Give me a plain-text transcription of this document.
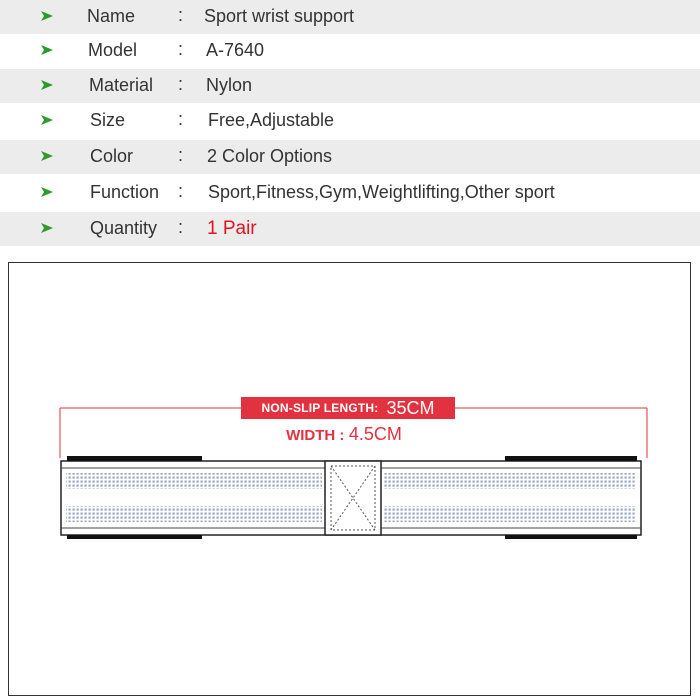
Name : Sport wrist support
Model : A-7640
Material : Nylon
Size	: Free,Adjustable
Color : 2 Color Options
Function : Sport,Fitness,Gym,Weightlifting,Other sport
Quantity : 1 Pair
NON-SLIP LENGTH: 35CM
WIDTH : 4.5CM
